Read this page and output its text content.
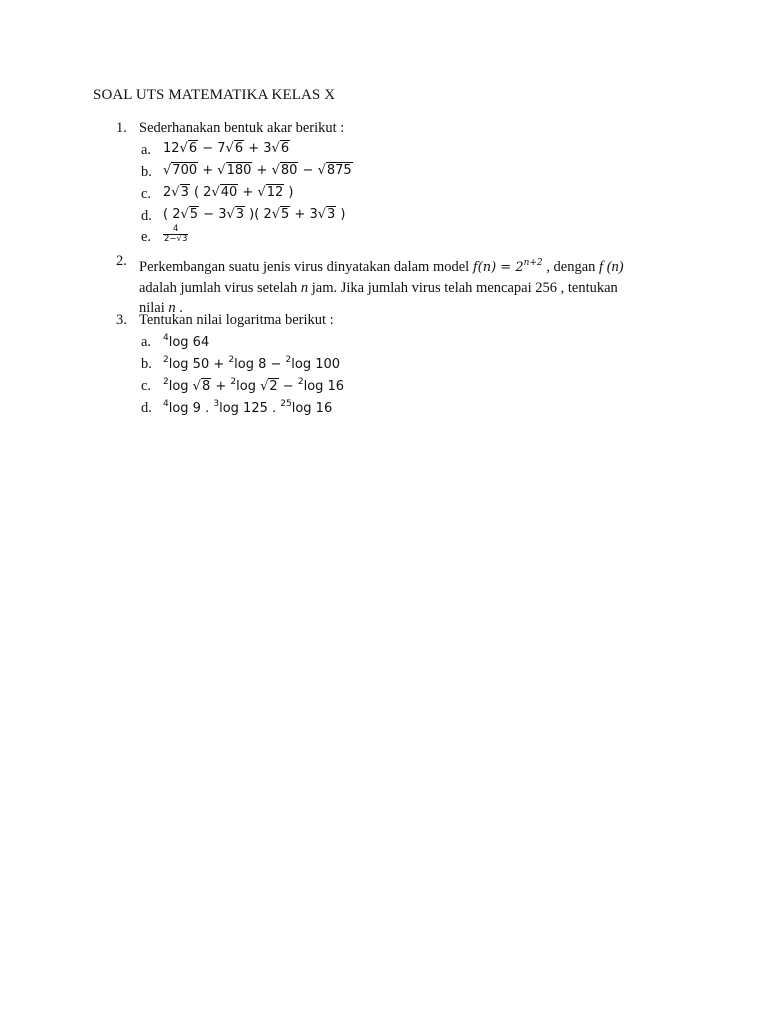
SOAL UTS MATEMATIKA KELAS X
1. Sederhanakan bentuk akar berikut :
a. 12√6 − 7√6 + 3√6
b. √700 + √180 + √80 − √875
c. 2√3 ( 2√40 + √12 )
d. ( 2√5 − 3√3 )( 2√5 + 3√3 )
e.	$\frac{4}{2-√3}$
2. Perkembangan suatu jenis virus dinyatakan dalam model $f(n) = 2^{n+2}$ , dengan f (n)
adalah jumlah virus setelah n jam. Jika jumlah virus telah mencapai 256 , tentukan
nilai n .
3. Tentukan nilai logaritma berikut :
a.	$^4$log 64
b.	$^2$log 50 + $^2$log 8 − $^2$log 100
c.	$^2$log √8 + $^2$log √2 − $^2$log 16
d.	$^4$log 9 . $^3$log 125 . $^{25}$log 16
